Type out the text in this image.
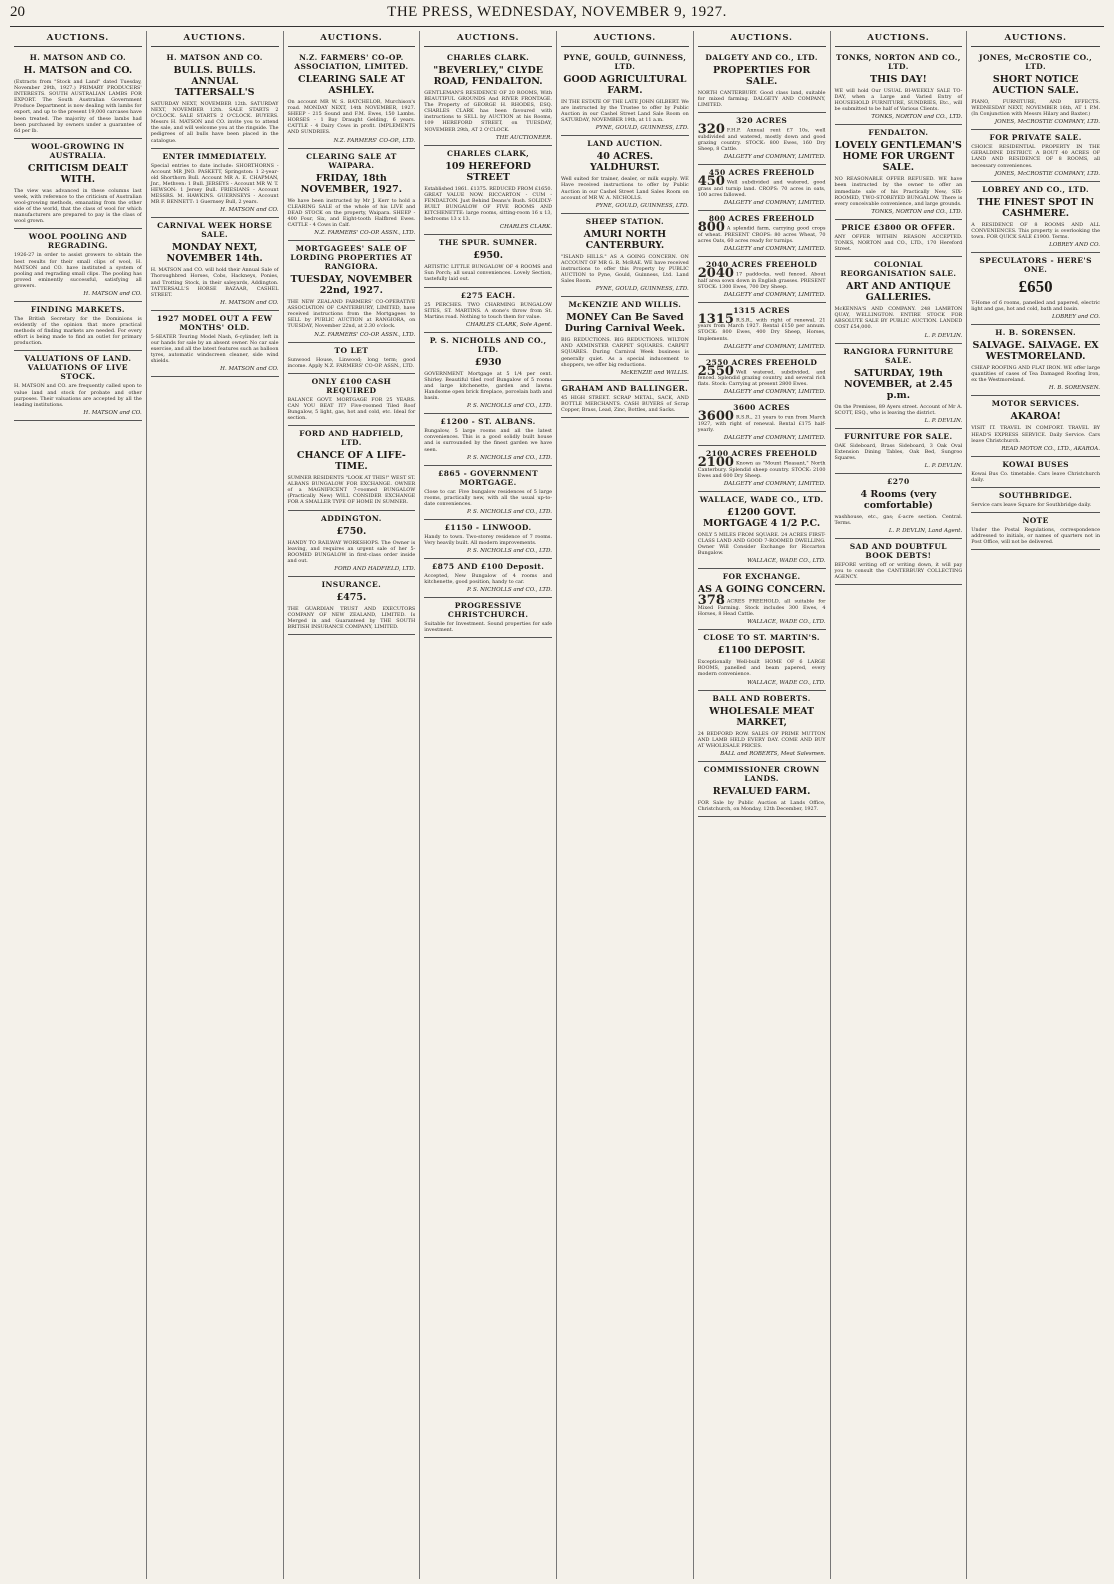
20	THE PRESS, WEDNESDAY, NOVEMBER 9, 1927.
AUCTIONS.
H. MATSON AND CO.
H. MATSON and CO.
(Extracts from "Stock and Land" dated Tuesday, November 29th, 1927.) PRIMARY PRODUCERS' INTERESTS. SOUTH AUSTRALIAN LAMBS FOR EXPORT. The South Australian Government Produce Department is now dealing with lambs for export, and up to the present 19,000 carcases have been treated. The majority of these lambs had been purchased by owners under a guarantee of 6d per lb.
WOOL-GROWING IN AUSTRALIA.
CRITICISM DEALT WITH.
The view was advanced in these columns last week, with reference to the criticism of Australian wool-growing methods, emanating from the other side of the world, that the class of wool for which manufacturers are prepared to pay is the class of wool grown.
WOOL POOLING AND REGRADING.
1926-27 in order to assist growers to obtain the best results for their small clips of wool, H. MATSON and CO. have instituted a system of pooling and regrading small clips. The pooling has proved eminently successful, satisfying all growers.
H. MATSON and CO.
FINDING MARKETS.
The British Secretary for the Dominions is evidently of the opinion that more practical methods of finding markets are needed. For every effort is being made to find an outlet for primary production.
VALUATIONS OF LAND. VALUATIONS OF LIVE STOCK.
H. MATSON and CO. are frequently called upon to value land and stock for probate and other purposes. Their valuations are accepted by all the leading institutions.
H. MATSON and CO.
AUCTIONS.
H. MATSON AND CO.
BULLS. BULLS. ANNUAL TATTERSALL'S
SATURDAY NEXT, NOVEMBER 12th. SATURDAY NEXT, NOVEMBER 12th. SALE STARTS 2 O'CLOCK. SALE STARTS 2 O'CLOCK. BUYERS. Messrs H. MATSON and CO. invite you to attend the sale, and will welcome you at the ringside. The pedigrees of all bulls have been placed in the catalogue.
ENTER IMMEDIATELY.
Special entries to date include: SHORTHORNS - Account MR JNO. PASKETT, Springston: 1 2-year-old Shorthorn Bull. Account MR A. E. CHAPMAN, Jnr., Methven: 1 Bull. JERSEYS - Account MR W. T. HEWSON: 1 Jersey Bull. FRIESIANS - Account MESSRS. M. HAWKINS. GUERNSEYS - Account MR F. BENNETT: 1 Guernsey Bull, 2 years.
H. MATSON and CO.
CARNIVAL WEEK HORSE SALE.
MONDAY NEXT, NOVEMBER 14th.
H. MATSON and CO. will hold their Annual Sale of Thoroughbred Horses, Cobs, Hackneys, Ponies, and Trotting Stock, in their saleyards, Addington. TATTERSALL'S HORSE BAZAAR, CASHEL STREET.
H. MATSON and CO.
1927 MODEL OUT A FEW MONTHS' OLD.
5-SEATER Touring Model Nash, 6-cylinder, left in our hands for sale by an absent owner. No car sale exercise, and all the latest features such as balloon tyres, automatic windscreen cleaner, side wind shields.
H. MATSON and CO.
AUCTIONS.
N.Z. FARMERS' CO-OP. ASSOCIATION, LIMITED.
CLEARING SALE AT ASHLEY.
On account MR W. S. BATCHELOR, Murchison's road. MONDAY NEXT, 14th NOVEMBER, 1927. SHEEP - 215 Sound and F.M. Ewes, 150 Lambs. HORSES - 1 Bay Draught Gelding, 6 years. CATTLE - 4 Dairy Cows in profit. IMPLEMENTS AND SUNDRIES.
N.Z. FARMERS' CO-OP., LTD.
CLEARING SALE AT WAIPARA.
FRIDAY, 18th NOVEMBER, 1927.
We have been instructed by Mr J. Kerr to hold a CLEARING SALE of the whole of his LIVE and DEAD STOCK on the property, Waipara. SHEEP - 400 Four, Six, and Eight-tooth Halfbred Ewes. CATTLE - 4 Cows in Calf.
N.Z. FARMERS' CO-OP. ASSN., LTD.
MORTGAGEES' SALE OF LORDING PROPERTIES AT RANGIORA.
TUESDAY, NOVEMBER 22nd, 1927.
THE NEW ZEALAND FARMERS' CO-OPERATIVE ASSOCIATION OF CANTERBURY, LIMITED, have received instructions from the Mortgagees to SELL by PUBLIC AUCTION at RANGIORA, on TUESDAY, November 22nd, at 2.30 o'clock.
N.Z. FARMERS' CO-OP. ASSN., LTD.
TO LET
Sunwood House, Linwood; long term; good income. Apply N.Z. FARMERS' CO-OP. ASSN., LTD.
ONLY £100 CASH REQUIRED
BALANCE GOVT. MORTGAGE FOR 25 YEARS. CAN YOU BEAT IT? Five-roomed Tiled Roof Bungalow, 5 light, gas, hot and cold, etc. Ideal for section.
FORD AND HADFIELD, LTD.
CHANCE OF A LIFE-TIME.
SUMNER RESIDENTS "LOOK AT THIS!" WEST ST. ALBANS BUNGALOW FOR EXCHANGE. OWNER of a MAGNIFICENT 7-roomed BUNGALOW (Practically New) WILL CONSIDER EXCHANGE FOR A SMALLER TYPE OF HOME IN SUMNER.
ADDINGTON.
£750.
HANDY TO RAILWAY WORKSHOPS. The Owner is leaving, and requires an urgent sale of her 5-ROOMED BUNGALOW in first-class order inside and out.
FORD AND HADFIELD, LTD.
INSURANCE.
£475.
THE GUARDIAN TRUST AND EXECUTORS COMPANY OF NEW ZEALAND, LIMITED. Is Merged in and Guaranteed by THE SOUTH BRITISH INSURANCE COMPANY, LIMITED.
AUCTIONS.
CHARLES CLARK.
"BEVERLEY," CLYDE ROAD, FENDALTON.
GENTLEMAN'S RESIDENCE OF 20 ROOMS, With BEAUTIFUL GROUNDS And RIVER FRONTAGE. The Property of GEORGE H. RHODES, ESQ. CHARLES CLARK has been favoured with instructions to SELL by AUCTION at his Rooms, 109 HEREFORD STREET, on TUESDAY, NOVEMBER 29th, AT 2 O'CLOCK.
THE AUCTIONEER.
CHARLES CLARK,
109 HEREFORD STREET
Established 1861. £1375. REDUCED FROM £1650. GREAT VALUE NOW. RICCARTON - CUM - FENDALTON. Just Behind Deans's Bush. SOLIDLY-BUILT BUNGALOW OF FIVE ROOMS AND KITCHENETTE: large rooms, sitting-room 16 x 13, bedrooms 13 x 13.
CHARLES CLARK.
THE SPUR. SUMNER.
£950.
ARTISTIC LITTLE BUNGALOW OF 4 ROOMS and Sun Porch; all usual conveniences. Lovely Section, tastefully laid out.
£275 EACH.
25 PERCHES. TWO CHARMING BUNGALOW SITES, ST. MARTINS. A stone's throw from St. Martins road. Nothing to touch them for value.
CHARLES CLARK, Sole Agent.
P. S. NICHOLLS AND CO., LTD.
£930
GOVERNMENT Mortgage at 5 1/4 per cent. Shirley. Beautiful tiled roof Bungalow of 5 rooms and large kitchenette, garden and lawns. Handsome open brick fireplace, porcelain bath and basin.
P. S. NICHOLLS and CO., LTD.
£1200 - ST. ALBANS.
Bungalow, 5 large rooms and all the latest conveniences. This is a good solidly built house and is surrounded by the finest garden we have seen.
P. S. NICHOLLS and CO., LTD.
£865 - GOVERNMENT MORTGAGE.
Close to car. Five bungalow residences of 5 large rooms, practically new, with all the usual up-to-date conveniences.
P. S. NICHOLLS and CO., LTD.
£1150 - LINWOOD.
Handy to town. Two-storey residence of 7 rooms. Very heavily built. All modern improvements.
P. S. NICHOLLS and CO., LTD.
£875 AND £100 Deposit.
Accepted, New Bungalow of 4 rooms and kitchenette, good position, handy to car.
P. S. NICHOLLS and CO., LTD.
PROGRESSIVE CHRISTCHURCH.
Suitable for Investment. Sound properties for safe investment.
AUCTIONS.
PYNE, GOULD, GUINNESS, LTD.
GOOD AGRICULTURAL FARM.
IN THE ESTATE OF THE LATE JOHN GILBERT. We are instructed by the Trustee to offer by Public Auction in our Cashel Street Land Sale Room on SATURDAY, NOVEMBER 19th, at 11 a.m.
PYNE, GOULD, GUINNESS, LTD.
LAND AUCTION.
40 ACRES. YALDHURST.
Well suited for trainer, dealer, or milk supply. WE Have received instructions to offer by Public Auction in our Cashel Street Land Sales Room on account of MR W. A. NICHOLLS.
PYNE, GOULD, GUINNESS, LTD.
SHEEP STATION.
AMURI NORTH CANTERBURY.
"ISLAND HILLS." AS A GOING CONCERN. ON ACCOUNT OF MR G. R. McRAE. WE have received instructions to offer this Property by PUBLIC AUCTION to Pyne, Gould, Guinness, Ltd. Land Sales Room.
PYNE, GOULD, GUINNESS, LTD.
McKENZIE AND WILLIS.
MONEY Can Be Saved During Carnival Week.
BIG REDUCTIONS. BIG REDUCTIONS. WILTON AND AXMINSTER CARPET SQUARES. CARPET SQUARES. During Carnival Week business is generally quiet. As a special inducement to shoppers, we offer big reductions.
McKENZIE and WILLIS.
GRAHAM AND BALLINGER.
45 HIGH STREET. SCRAP METAL, SACK, AND BOTTLE MERCHANTS. CASH BUYERS of Scrap Copper, Brass, Lead, Zinc, Bottles, and Sacks.
AUCTIONS.
DALGETY AND CO., LTD.
PROPERTIES FOR SALE.
NORTH CANTERBURY. Good class land, suitable for mixed farming. DALGETY AND COMPANY, LIMITED.
320 ACRES
320 F.H.P. Annual rent £7 10s, well subdivided and watered, mostly down and good grazing country. STOCK: 800 Ewes, 160 Dry Sheep, 8 Cattle.
DALGETY and COMPANY, LIMITED.
450 ACRES FREEHOLD
450 Well subdivided and watered, good grass and turnip land. CROPS: 70 acres in oats, 100 acres fallowed.
DALGETY and COMPANY, LIMITED.
800 ACRES FREEHOLD
800 A splendid farm, carrying good crops of wheat. PRESENT CROPS: 80 acres Wheat, 70 acres Oats, 60 acres ready for turnips.
DALGETY and COMPANY, LIMITED.
2040 ACRES FREEHOLD
2040 17 paddocks, well fenced. About half area sown down in English grasses. PRESENT STOCK: 1300 Ewes, 700 Dry Sheep.
DALGETY and COMPANY, LIMITED.
1315 ACRES
1315 R.S.R., with right of renewal, 21 years from March 1927. Rental £150 per annum. STOCK: 800 Ewes, 400 Dry Sheep, Horses, Implements.
DALGETY and COMPANY, LIMITED.
2550 ACRES FREEHOLD
2550 Well watered, subdivided, and fenced. Splendid grazing country, and several rich flats. Stock: Carrying at present 2800 Ewes.
DALGETY and COMPANY, LIMITED.
3600 ACRES
3600 R.S.R., 21 years to run from March 1927, with right of renewal. Rental £175 half-yearly.
DALGETY and COMPANY, LIMITED.
2100 ACRES FREEHOLD
2100 Known as "Mount Pleasant," North Canterbury. Splendid sheep country. STOCK: 2100 Ewes and 600 Dry Sheep.
DALGETY and COMPANY, LIMITED.
WALLACE, WADE CO., LTD.
£1200 GOVT. MORTGAGE 4 1/2 P.C.
ONLY 5 MILES FROM SQUARE. 24 ACRES FIRST-CLASS LAND AND GOOD 7-ROOMED DWELLING. Owner Will Consider Exchange for Riccarton Bungalow.
WALLACE, WADE CO., LTD.
FOR EXCHANGE.
AS A GOING CONCERN.
378 ACRES FREEHOLD, all suitable for Mixed Farming. Stock includes 300 Ewes, 4 Horses, 8 Head Cattle.
WALLACE, WADE CO., LTD.
CLOSE TO ST. MARTIN'S.
£1100 DEPOSIT.
Exceptionally Well-built HOME OF 6 LARGE ROOMS, panelled and beam papered, every modern convenience.
WALLACE, WADE CO., LTD.
BALL AND ROBERTS.
WHOLESALE MEAT MARKET,
24 BEDFORD ROW. SALES OF PRIME MUTTON AND LAMB HELD EVERY DAY. COME AND BUY AT WHOLESALE PRICES.
BALL and ROBERTS, Meat Salesmen.
COMMISSIONER CROWN LANDS.
REVALUED FARM.
FOR Sale by Public Auction at Lands Office, Christchurch, on Monday, 12th December, 1927.
AUCTIONS.
TONKS, NORTON AND CO., LTD.
THIS DAY!
WE will hold Our USUAL BI-WEEKLY SALE TO-DAY, when a Large and Varied Entry of HOUSEHOLD FURNITURE, SUNDRIES, Etc., will be submitted to be half of Various Clients.
TONKS, NORTON and CO., LTD.
FENDALTON.
LOVELY GENTLEMAN'S HOME FOR URGENT SALE.
NO REASONABLE OFFER REFUSED. WE have been instructed by the owner to offer an immediate sale of his Practically New, SIX-ROOMED, TWO-STOREYED BUNGALOW. There is every conceivable convenience, and large grounds.
TONKS, NORTON and CO., LTD.
PRICE £3800 OR OFFER.
ANY OFFER WITHIN REASON ACCEPTED. TONKS, NORTON and CO., LTD., 170 Hereford Street.
COLONIAL REORGANISATION SALE.
ART AND ANTIQUE GALLERIES.
McKENNA'S AND COMPANY. 248 LAMBTON QUAY, WELLINGTON. ENTIRE STOCK FOR ABSOLUTE SALE BY PUBLIC AUCTION. LANDED COST £54,000.
L. P. DEVLIN.
RANGIORA FURNITURE SALE.
SATURDAY, 19th NOVEMBER, at 2.45 p.m.
On the Premises, 89 Ayers street. Account of Mr A. SCOTT, ESQ., who is leaving the district.
L. P. DEVLIN.
FURNITURE FOR SALE.
OAK Sideboard, Brass Sideboard, 3 Oak Oval Extension Dining Tables, Oak Bed, Sungroo Squares.
L. P. DEVLIN.
£270
4 Rooms (very comfortable)
washhouse, etc., gas; £-acre section. Central. Terms.
L. P. DEVLIN, Land Agent.
SAD AND DOUBTFUL BOOK DEBTS!
BEFORE writing off or writing down, it will pay you to consult the CANTERBURY COLLECTING AGENCY.
AUCTIONS.
JONES, McCROSTIE CO., LTD.
SHORT NOTICE AUCTION SALE.
PIANO, FURNITURE, AND EFFECTS. WEDNESDAY NEXT, NOVEMBER 16th, AT 1 P.M. (In Conjunction with Messrs Hilary and Baxter.)
JONES, McCROSTIE COMPANY, LTD.
FOR PRIVATE SALE.
CHOICE RESIDENTIAL PROPERTY IN THE GERALDINE DISTRICT. A BOUT 40 ACRES OF LAND AND RESIDENCE OF 8 ROOMS, all necessary conveniences.
JONES, McCROSTIE COMPANY, LTD.
LOBREY AND CO., LTD.
THE FINEST SPOT IN CASHMERE.
A RESIDENCE OF 8 ROOMS AND ALL CONVENIENCES. This property is overlooking the town. FOR QUICK SALE £1900. Terms.
LOBREY AND CO.
SPECULATORS - HERE'S ONE.
£650
T-Home of 6 rooms, panelled and papered, electric light and gas, hot and cold, bath and basin.
LOBREY and CO.
H. B. SORENSEN.
SALVAGE. SALVAGE. EX WESTMORELAND.
CHEAP ROOFING AND FLAT IRON. WE offer large quantities of cases of Tea Damaged Roofing Iron, ex the Westmoreland.
H. B. SORENSEN.
MOTOR SERVICES.
AKAROA!
VISIT IT. TRAVEL IN COMFORT. TRAVEL BY HEAD'S EXPRESS SERVICE. Daily Service. Cars leave Christchurch.
READ MOTOR CO., LTD., AKAROA.
KOWAI BUSES
Kowai Bus Co. timetable. Cars leave Christchurch daily.
SOUTHBRIDGE.
Service cars leave Square for Southbridge daily.
NOTE
Under the Postal Regulations, correspondence addressed to initials, or names of quarters not in Post Office, will not be delivered.
